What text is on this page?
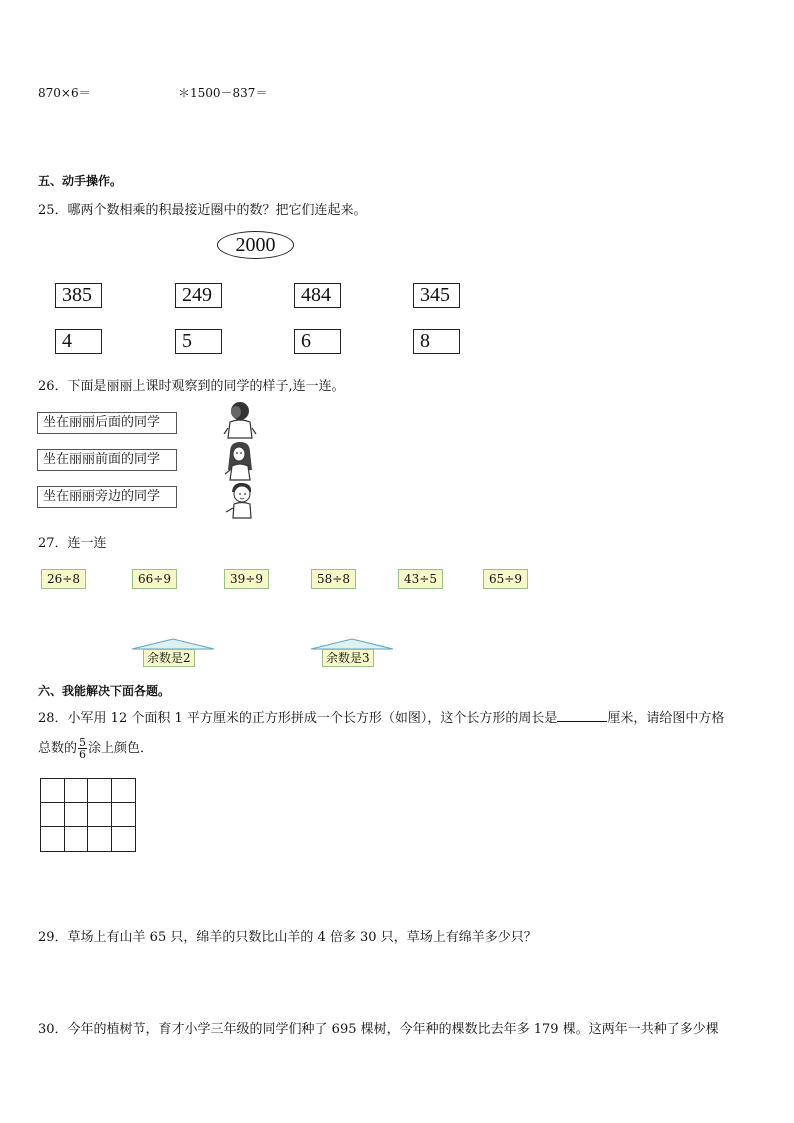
870×6＝	＊1500－837＝
五、动手操作。
25．哪两个数相乘的积最接近圈中的数？把它们连起来。
2000
385	249	484	345
4	5	6	8
26．下面是丽丽上课时观察到的同学的样子,连一连。
坐在丽丽后面的同学
坐在丽丽前面的同学
坐在丽丽旁边的同学
27．连一连
26÷8	66÷9	39÷9	58÷8	43÷5	65÷9
余数是2	余数是3
六、我能解决下面各题。
28．小军用 12 个面积 1 平方厘米的正方形拼成一个长方形（如图），这个长方形的周长是	厘米，请给图中方格
总数的 $\frac{5}{6}$ 涂上颜色．
29．草场上有山羊 65 只，绵羊的只数比山羊的 4 倍多 30 只，草场上有绵羊多少只？
30．今年的植树节，育才小学三年级的同学们种了 695 棵树，今年种的棵数比去年多 179 棵。这两年一共种了多少棵
